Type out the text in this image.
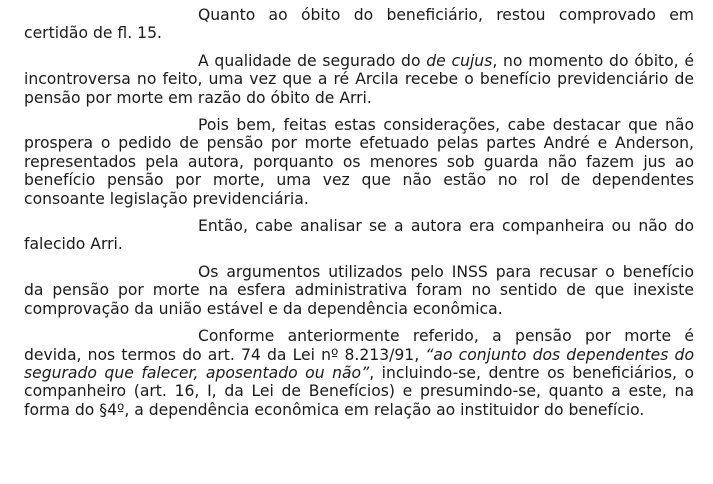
Quanto ao óbito do beneficiário, restou comprovado em certidão de fl. 15.

A qualidade de segurado do de cujus, no momento do óbito, é incontroversa no feito, uma vez que a ré Arcila recebe o benefício previdenciário de pensão por morte em razão do óbito de Arri.

Pois bem, feitas estas considerações, cabe destacar que não prospera o pedido de pensão por morte efetuado pelas partes André e Anderson, representados pela autora, porquanto os menores sob guarda não fazem jus ao benefício pensão por morte, uma vez que não estão no rol de dependentes consoante legislação previdenciária.

Então, cabe analisar se a autora era companheira ou não do falecido Arri.

Os argumentos utilizados pelo INSS para recusar o benefício da pensão por morte na esfera administrativa foram no sentido de que inexiste comprovação da união estável e da dependência econômica.

Conforme anteriormente referido, a pensão por morte é devida, nos termos do art. 74 da Lei nº 8.213/91, “ao conjunto dos dependentes do segurado que falecer, aposentado ou não”, incluindo-se, dentre os beneficiários, o companheiro (art. 16, I, da Lei de Benefícios) e presumindo-se, quanto a este, na forma do §4º, a dependência econômica em relação ao instituidor do benefício.
